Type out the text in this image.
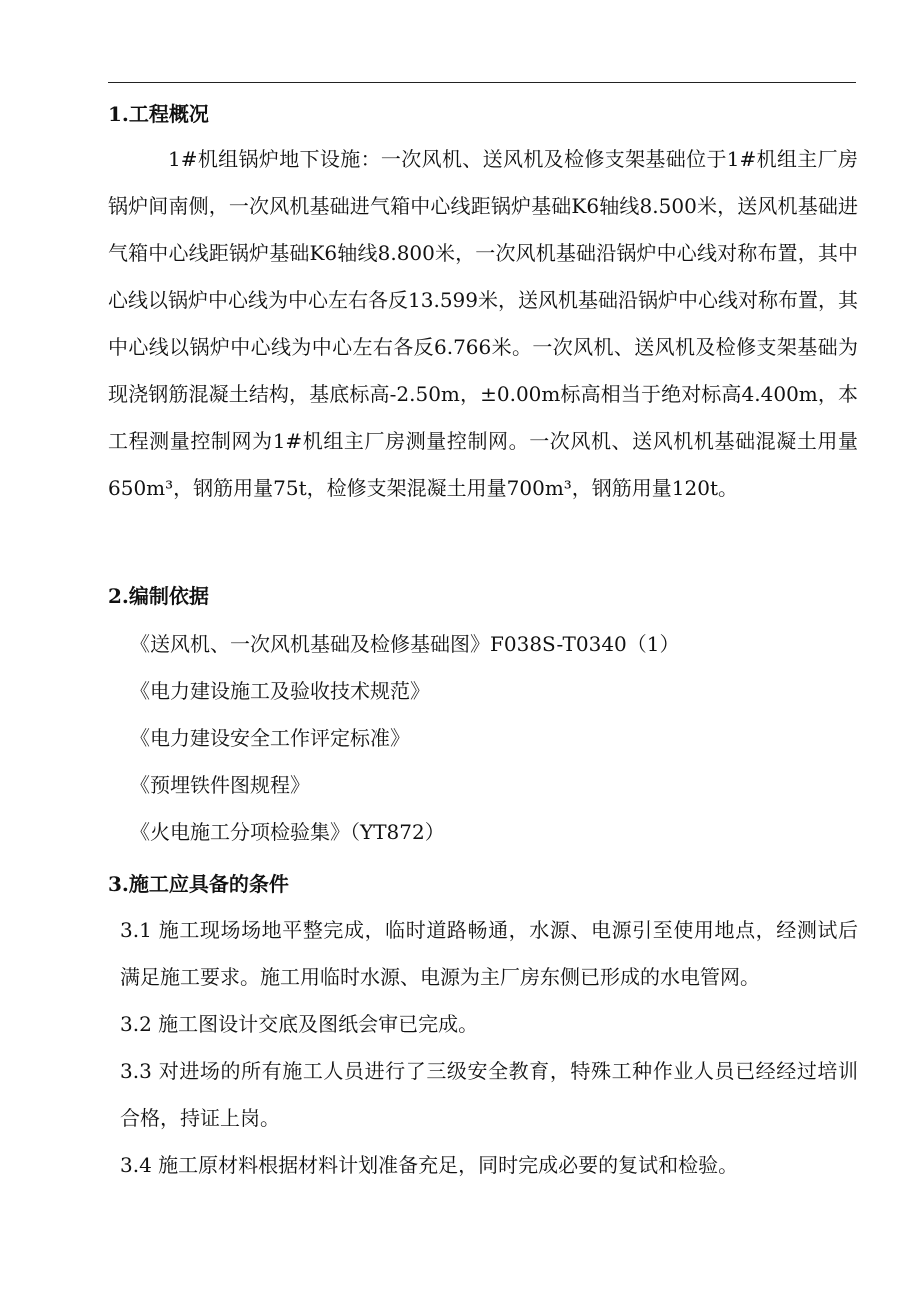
1.工程概况

1#机组锅炉地下设施：一次风机、送风机及检修支架基础位于1#机组主厂房锅炉间南侧，一次风机基础进气箱中心线距锅炉基础K6轴线8.500米，送风机基础进气箱中心线距锅炉基础K6轴线8.800米，一次风机基础沿锅炉中心线对称布置，其中心线以锅炉中心线为中心左右各反13.599米，送风机基础沿锅炉中心线对称布置，其中心线以锅炉中心线为中心左右各反6.766米。一次风机、送风机及检修支架基础为现浇钢筋混凝土结构，基底标高-2.50m，±0.00m标高相当于绝对标高4.400m，本工程测量控制网为1#机组主厂房测量控制网。一次风机、送风机机基础混凝土用量650m³，钢筋用量75t，检修支架混凝土用量700m³，钢筋用量120t。

2.编制依据
《送风机、一次风机基础及检修基础图》F038S-T0340（1）
《电力建设施工及验收技术规范》
《电力建设安全工作评定标准》
《预埋铁件图规程》
《火电施工分项检验集》（YT872）
3.施工应具备的条件

3.1 施工现场场地平整完成，临时道路畅通，水源、电源引至使用地点，经测试后满足施工要求。施工用临时水源、电源为主厂房东侧已形成的水电管网。

3.2 施工图设计交底及图纸会审已完成。

3.3 对进场的所有施工人员进行了三级安全教育，特殊工种作业人员已经经过培训合格，持证上岗。

3.4 施工原材料根据材料计划准备充足，同时完成必要的复试和检验。
